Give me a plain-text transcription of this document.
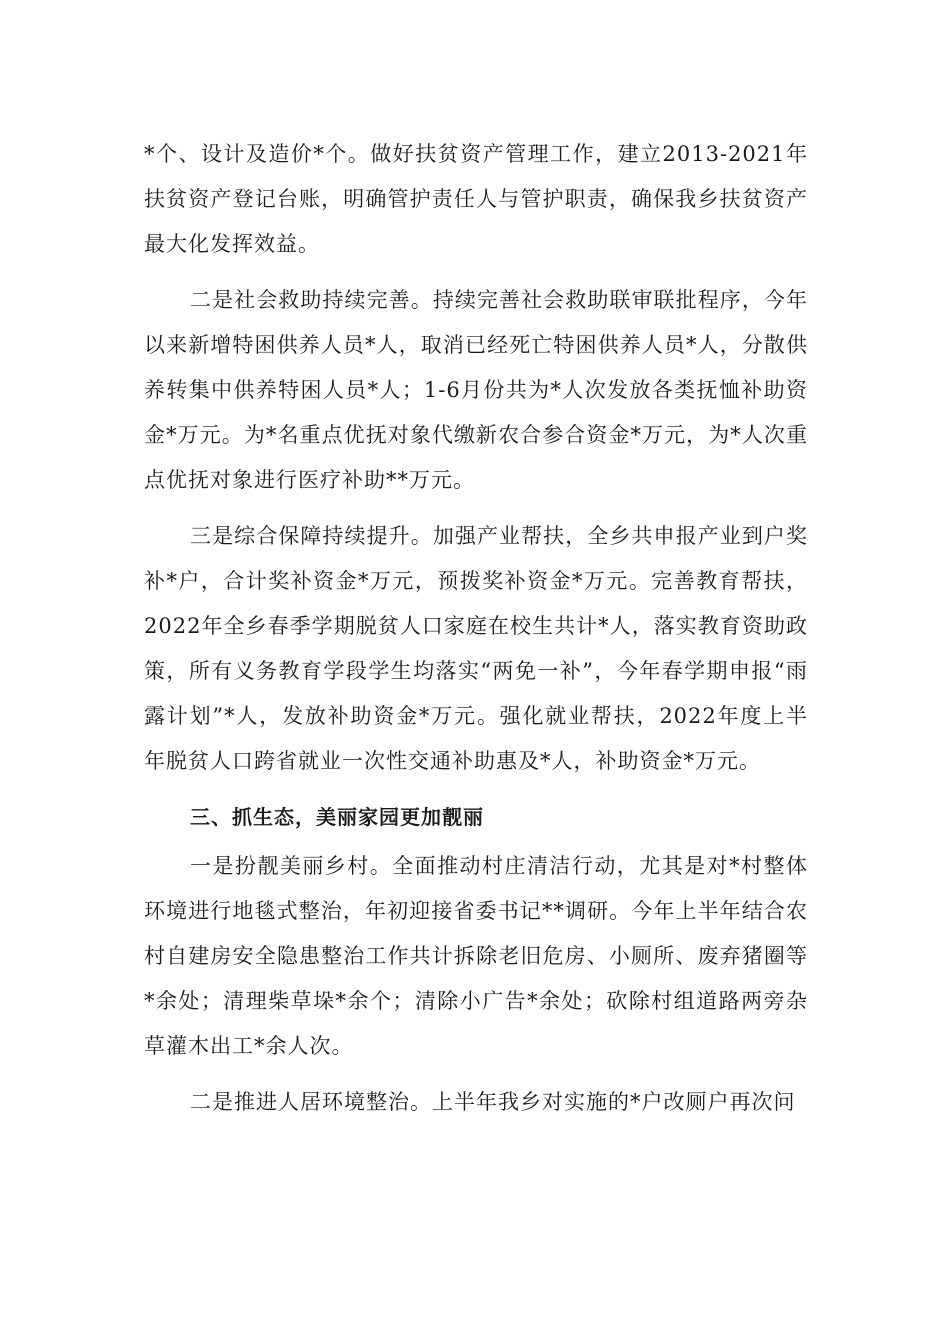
*个、设计及造价*个。做好扶贫资产管理工作，建立2013-2021年扶贫资产登记台账，明确管护责任人与管护职责，确保我乡扶贫资产最大化发挥效益。

二是社会救助持续完善。持续完善社会救助联审联批程序，今年以来新增特困供养人员*人，取消已经死亡特困供养人员*人，分散供养转集中供养特困人员*人；1-6月份共为*人次发放各类抚恤补助资金*万元。为*名重点优抚对象代缴新农合参合资金*万元，为*人次重点优抚对象进行医疗补助**万元。

三是综合保障持续提升。加强产业帮扶，全乡共申报产业到户奖补*户，合计奖补资金*万元，预拨奖补资金*万元。完善教育帮扶，2022年全乡春季学期脱贫人口家庭在校生共计*人，落实教育资助政策，所有义务教育学段学生均落实“两免一补”，今年春学期申报“雨露计划”*人，发放补助资金*万元。强化就业帮扶，2022年度上半年脱贫人口跨省就业一次性交通补助惠及*人，补助资金*万元。

三、抓生态，美丽家园更加靓丽

一是扮靓美丽乡村。全面推动村庄清洁行动，尤其是对*村整体环境进行地毯式整治，年初迎接省委书记**调研。今年上半年结合农村自建房安全隐患整治工作共计拆除老旧危房、小厕所、废弃猪圈等*余处；清理柴草垛*余个；清除小广告*余处；砍除村组道路两旁杂草灌木出工*余人次。

二是推进人居环境整治。上半年我乡对实施的*户改厕户再次问
